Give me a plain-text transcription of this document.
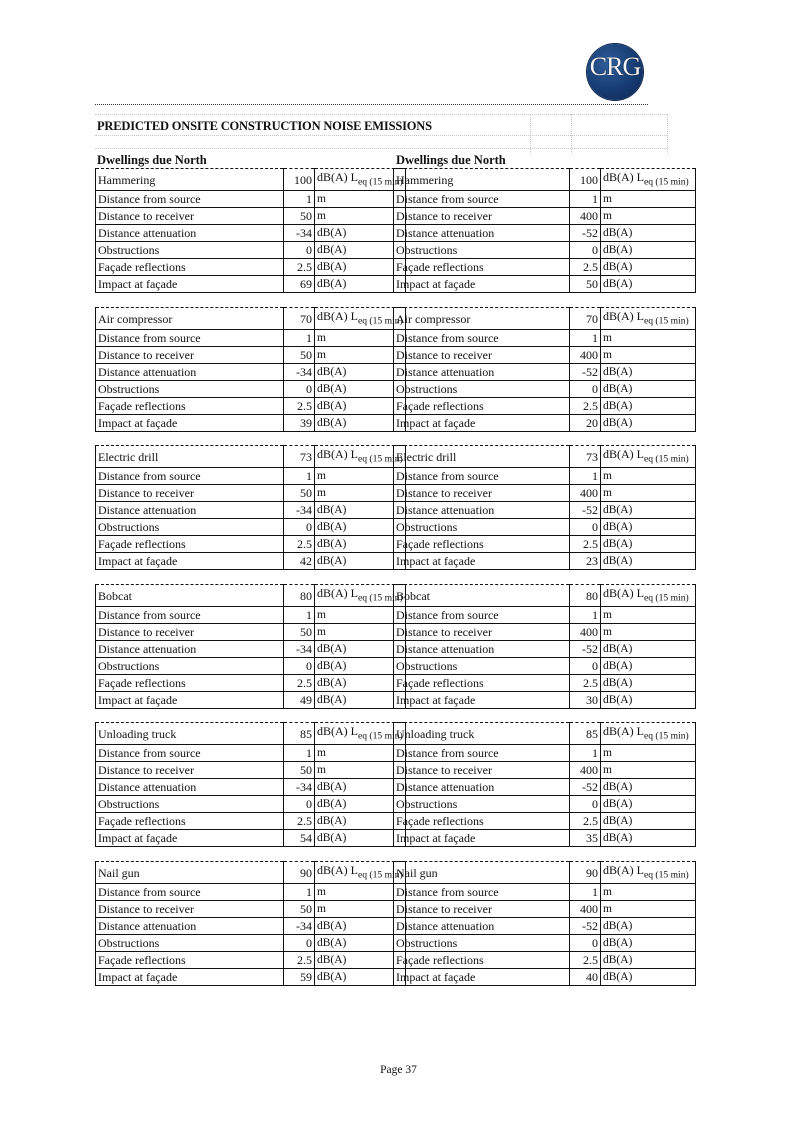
CRG
PREDICTED ONSITE CONSTRUCTION NOISE EMISSIONS
Dwellings due North	Dwellings due North
Hammering	100	dB(A) $L_{eq (15 min)}$
Distance from source	1	m
Distance to receiver	50	m
Distance attenuation	-34	dB(A)
Obstructions	0	dB(A)
Façade reflections	2.5	dB(A)
Impact at façade	69	dB(A)
Hammering	100	dB(A) $L_{eq (15 min)}$
Distance from source	1	m
Distance to receiver	400	m
Distance attenuation	-52	dB(A)
Obstructions	0	dB(A)
Façade reflections	2.5	dB(A)
Impact at façade	50	dB(A)
Air compressor	70	dB(A) $L_{eq (15 min)}$
Distance from source	1	m
Distance to receiver	50	m
Distance attenuation	-34	dB(A)
Obstructions	0	dB(A)
Façade reflections	2.5	dB(A)
Impact at façade	39	dB(A)
Air compressor	70	dB(A) $L_{eq (15 min)}$
Distance from source	1	m
Distance to receiver	400	m
Distance attenuation	-52	dB(A)
Obstructions	0	dB(A)
Façade reflections	2.5	dB(A)
Impact at façade	20	dB(A)
Electric drill	73	dB(A) $L_{eq (15 min)}$
Distance from source	1	m
Distance to receiver	50	m
Distance attenuation	-34	dB(A)
Obstructions	0	dB(A)
Façade reflections	2.5	dB(A)
Impact at façade	42	dB(A)
Electric drill	73	dB(A) $L_{eq (15 min)}$
Distance from source	1	m
Distance to receiver	400	m
Distance attenuation	-52	dB(A)
Obstructions	0	dB(A)
Façade reflections	2.5	dB(A)
Impact at façade	23	dB(A)
Bobcat	80	dB(A) $L_{eq (15 min)}$
Distance from source	1	m
Distance to receiver	50	m
Distance attenuation	-34	dB(A)
Obstructions	0	dB(A)
Façade reflections	2.5	dB(A)
Impact at façade	49	dB(A)
Bobcat	80	dB(A) $L_{eq (15 min)}$
Distance from source	1	m
Distance to receiver	400	m
Distance attenuation	-52	dB(A)
Obstructions	0	dB(A)
Façade reflections	2.5	dB(A)
Impact at façade	30	dB(A)
Unloading truck	85	dB(A) $L_{eq (15 min)}$
Distance from source	1	m
Distance to receiver	50	m
Distance attenuation	-34	dB(A)
Obstructions	0	dB(A)
Façade reflections	2.5	dB(A)
Impact at façade	54	dB(A)
Unloading truck	85	dB(A) $L_{eq (15 min)}$
Distance from source	1	m
Distance to receiver	400	m
Distance attenuation	-52	dB(A)
Obstructions	0	dB(A)
Façade reflections	2.5	dB(A)
Impact at façade	35	dB(A)
Nail gun	90	dB(A) $L_{eq (15 min)}$
Distance from source	1	m
Distance to receiver	50	m
Distance attenuation	-34	dB(A)
Obstructions	0	dB(A)
Façade reflections	2.5	dB(A)
Impact at façade	59	dB(A)
Nail gun	90	dB(A) $L_{eq (15 min)}$
Distance from source	1	m
Distance to receiver	400	m
Distance attenuation	-52	dB(A)
Obstructions	0	dB(A)
Façade reflections	2.5	dB(A)
Impact at façade	40	dB(A)
Page 37
